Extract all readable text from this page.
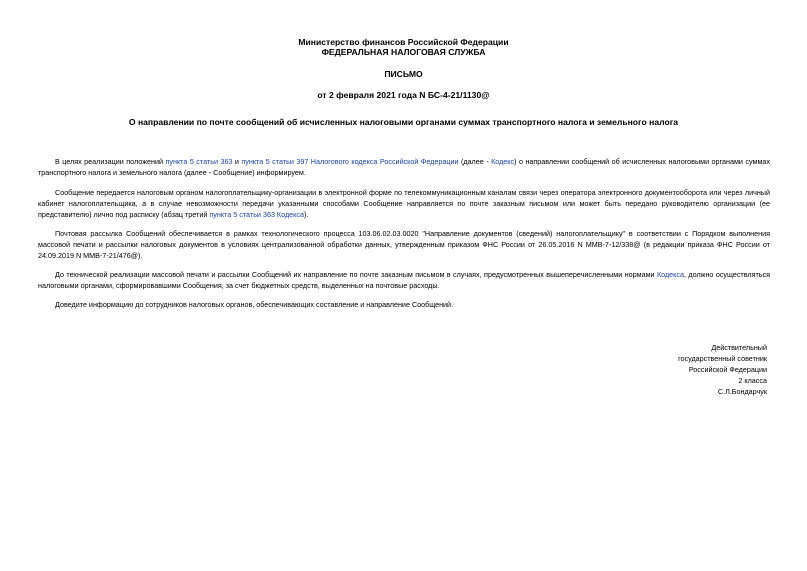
Министерство финансов Российской Федерации
ФЕДЕРАЛЬНАЯ НАЛОГОВАЯ СЛУЖБА
ПИСЬМО
от 2 февраля 2021 года N БС-4-21/1130@
О направлении по почте сообщений об исчисленных налоговыми органами суммах транспортного налога и земельного налога
В целях реализации положений пункта 5 статьи 363 и пункта 5 статьи 397 Налогового кодекса Российской Федерации (далее - Кодекс) о направлении сообщений об исчисленных налоговыми органами суммах транспортного налога и земельного налога (далее - Сообщение) информируем.
Сообщение передается налоговым органом налогоплательщику-организации в электронной форме по телекоммуникационным каналам связи через оператора электронного документооборота или через личный кабинет налогоплательщика, а в случае невозможности передачи указанными способами Сообщение направляется по почте заказным письмом или может быть передано руководителю организации (ее представителю) лично под расписку (абзац третий пункта 5 статьи 363 Кодекса).
Почтовая рассылка Сообщений обеспечивается в рамках технологического процесса 103.06.02.03.0020 "Направление документов (сведений) налогоплательщику" в соответствии с Порядком выполнения массовой печати и рассылки налоговых документов в условиях централизованной обработки данных, утвержденным приказом ФНС России от 26.05.2016 N ММВ-7-12/338@ (в редакции приказа ФНС России от 24.09.2019 N ММВ-7-21/476@).
До технической реализации массовой печати и рассылки Сообщений их направление по почте заказным письмом в случаях, предусмотренных вышеперечисленными нормами Кодекса, должно осуществляться налоговыми органами, сформировавшими Сообщения, за счет бюджетных средств, выделенных на почтовые расходы.
Доведите информацию до сотрудников налоговых органов, обеспечивающих составление и направление Сообщений.
Действительный
государственный советник
Российской Федерации
2 класса
С.Л.Бондарчук
